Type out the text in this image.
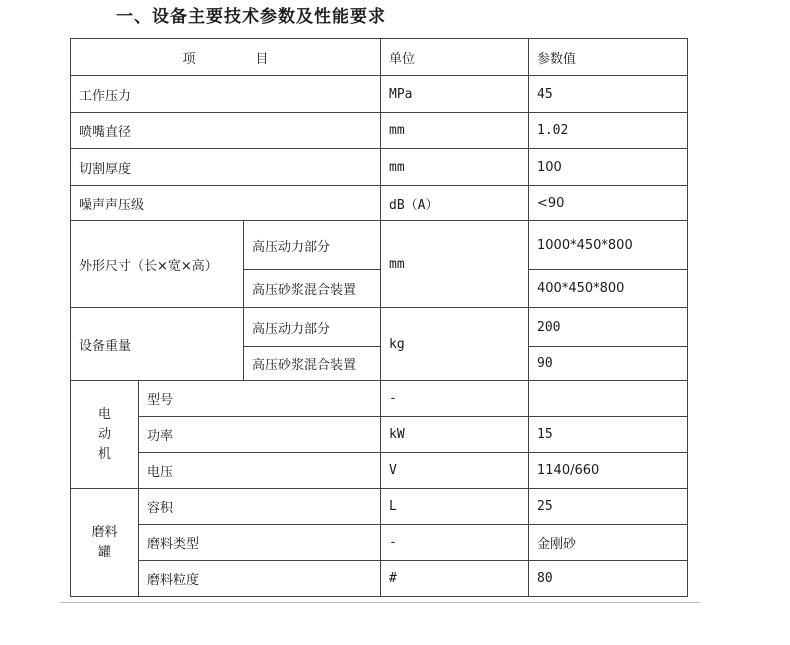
一、设备主要技术参数及性能要求
项 目			单位	参数值
工作压力			MPa	45
喷嘴直径			mm	1.02
切割厚度			mm	100
噪声声压级			dB（A）	<90
外形尺寸（长×宽×高）		高压动力部分	mm	1000*450*800
		高压砂浆混合装置		400*450*800
设备重量		高压动力部分	kg	200
		高压砂浆混合装置		90

电
动
机	型号		-	
	功率		kW	15
	电压		V	1140/660

磨料
罐	容积		L	25
	磨料类型		-	金刚砂
	磨料粒度		#	80
